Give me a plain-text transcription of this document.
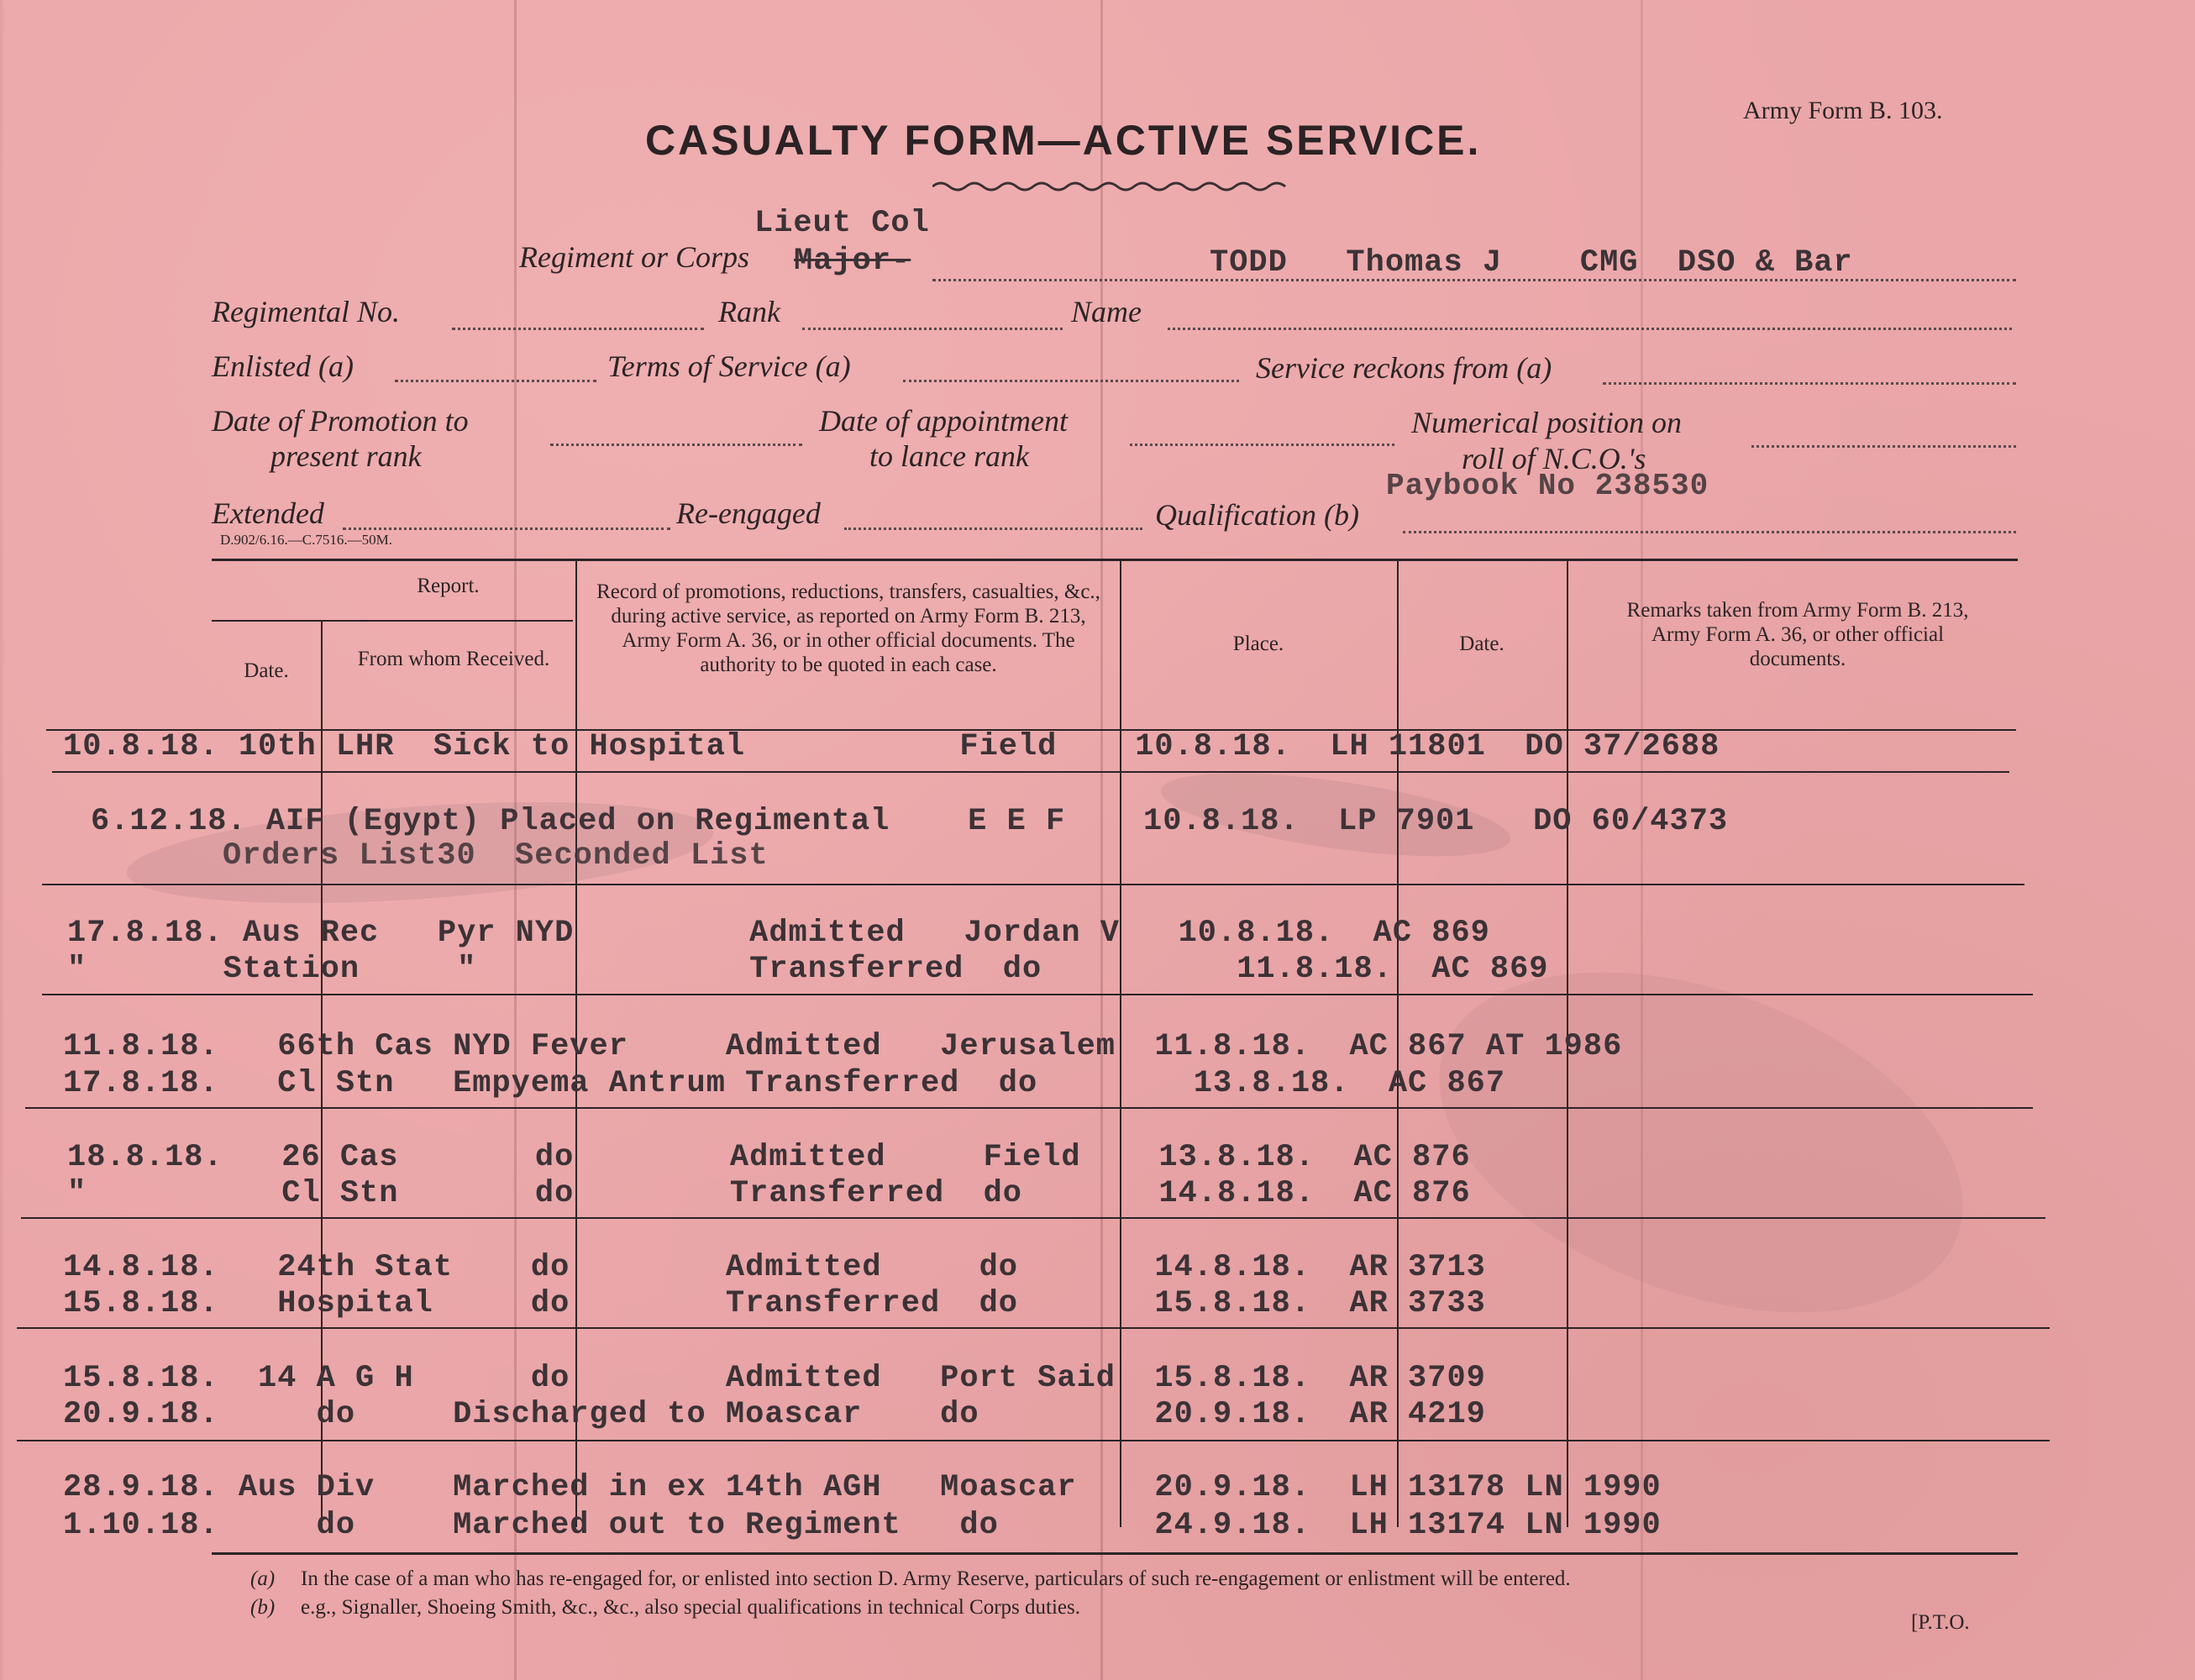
Army Form B. 103.
CASUALTY FORM—ACTIVE SERVICE.
Lieut Col
Regiment or Corps Major-	TODD   Thomas J    CMG  DSO & Bar
Regimental No.	Rank	Name
Enlisted (a)	Terms of Service (a)	Service reckons from (a)
Date of Promotion to
present rank
Date of appointment
to lance rank
Numerical position on
roll of N.C.O.'s
Paybook No 238530
Extended	Re-engaged	Qualification (b)
D.902/6.16.—C.7516.—50M.
Report.
Date.
From whom Received.
Record of promotions, reductions, transfers, casualties, &c., during active service, as reported on Army Form B. 213, Army Form A. 36, or in other official documents. The authority to be quoted in each case.
Place.	Date.
Remarks taken from Army Form B. 213, Army Form A. 36, or other official documents.
10.8.18. 10th LHR  Sick to Hospital           Field    10.8.18.  LH 11801  DO 37/2688
6.12.18. AIF (Egypt) Placed on Regimental    E E F    10.8.18.  LP 7901   DO 60/4373
Orders List30  Seconded List
17.8.18. Aus Rec   Pyr NYD         Admitted   Jordan V   10.8.18.  AC 869
"       Station     "              Transferred  do          11.8.18.  AC 869
11.8.18.   66th Cas NYD Fever     Admitted   Jerusalem  11.8.18.  AC 867 AT 1986
17.8.18.   Cl Stn   Empyema Antrum Transferred  do        13.8.18.  AC 867
18.8.18.   26 Cas       do        Admitted     Field    13.8.18.  AC 876
"          Cl Stn       do        Transferred  do       14.8.18.  AC 876
14.8.18.   24th Stat    do        Admitted     do       14.8.18.  AR 3713
15.8.18.   Hospital     do        Transferred  do       15.8.18.  AR 3733
15.8.18.  14 A G H      do        Admitted   Port Said  15.8.18.  AR 3709
20.9.18.     do     Discharged to Moascar    do         20.9.18.  AR 4219
28.9.18. Aus Div    Marched in ex 14th AGH   Moascar    20.9.18.  LH 13178 LN 1990
1.10.18.     do     Marched out to Regiment   do        24.9.18.  LH 13174 LN 1990
(a) In the case of a man who has re-engaged for, or enlisted into section D. Army Reserve, particulars of such re-engagement or enlistment will be entered.
(b) e.g., Signaller, Shoeing Smith, &c., &c., also special qualifications in technical Corps duties.
[P.T.O.
